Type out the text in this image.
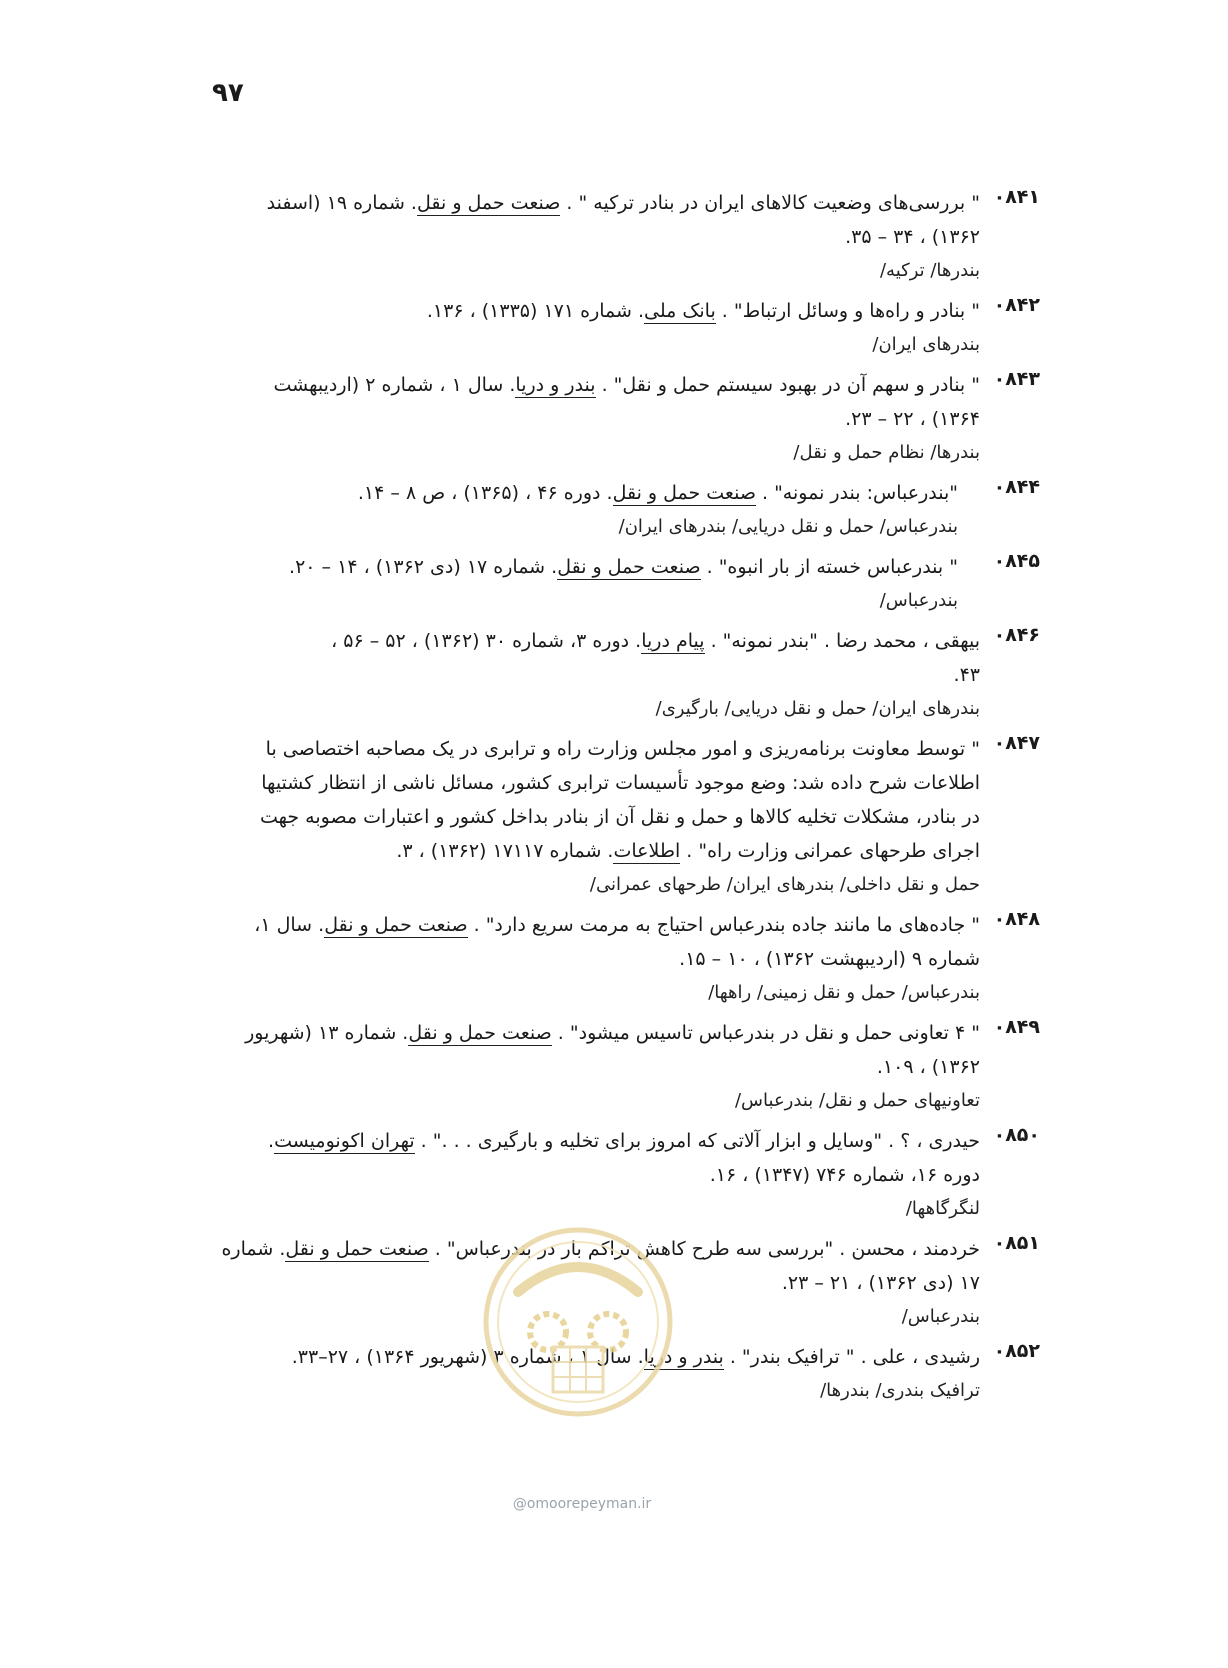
۹۷
۰۸۴۱
" بررسی‌های وضعیت کالاهای ایران در بنادر ترکیه " . صنعت حمل و نقل. شماره ۱۹ (اسفند
۱۳۶۲) ، ۳۴ – ۳۵.
بندرها/ ترکیه/
۰۸۴۲
" بنادر و راه‌ها و وسائل ارتباط" . بانک ملی. شماره ۱۷۱ (۱۳۳۵) ، ۱۳۶.
بندرهای ایران/
۰۸۴۳
" بنادر و سهم آن در بهبود سیستم حمل و نقل" . بندر و دریا. سال ۱ ، شماره ۲ (اردیبهشت
۱۳۶۴) ، ۲۲ – ۲۳.
بندرها/ نظام حمل و نقل/
۰۸۴۴
"بندرعباس: بندر نمونه" . صنعت حمل و نقل. دوره ۴۶ ، (۱۳۶۵) ، ص ۸ – ۱۴.
بندرعباس/ حمل و نقل دریایی/ بندرهای ایران/
۰۸۴۵
" بندرعباس خسته از بار انبوه" . صنعت حمل و نقل. شماره ۱۷ (دی ۱۳۶۲) ، ۱۴ – ۲۰.
بندرعباس/
۰۸۴۶
بیهقی ، محمد رضا . "بندر نمونه" . پیام دریا. دوره ۳، شماره ۳۰ (۱۳۶۲) ، ۵۲ – ۵۶ ،
۴۳.
بندرهای ایران/ حمل و نقل دریایی/ بارگیری/
۰۸۴۷
" توسط معاونت برنامه‌ریزی و امور مجلس وزارت راه و ترابری در یک مصاحبه اختصاصی با
اطلاعات شرح داده شد: وضع موجود تأسیسات ترابری کشور، مسائل ناشی از انتظار کشتیها
در بنادر، مشکلات تخلیه کالاها و حمل و نقل آن از بنادر بداخل کشور و اعتبارات مصوبه جهت
اجرای طرحهای عمرانی وزارت راه" . اطلاعات. شماره ۱۷۱۱۷ (۱۳۶۲) ، ۳.
حمل و نقل داخلی/ بندرهای ایران/ طرحهای عمرانی/
۰۸۴۸
" جاده‌های ما مانند جاده بندرعباس احتیاج به مرمت سریع دارد" . صنعت حمل و نقل. سال ۱،
شماره ۹ (اردیبهشت ۱۳۶۲) ، ۱۰ – ۱۵.
بندرعباس/ حمل و نقل زمینی/ راهها/
۰۸۴۹
" ۴ تعاونی حمل و نقل در بندرعباس تاسیس میشود" . صنعت حمل و نقل. شماره ۱۳ (شهریور
۱۳۶۲) ، ۱۰۹.
تعاونیهای حمل و نقل/ بندرعباس/
۰۸۵۰
حیدری ، ؟ . "وسایل و ابزار آلاتی که امروز برای تخلیه و بارگیری . . ." . تهران اکونومیست.
دوره ۱۶، شماره ۷۴۶ (۱۳۴۷) ، ۱۶.
لنگرگاهها/
۰۸۵۱
خردمند ، محسن . "بررسی سه طرح کاهش تراکم بار در بندرعباس" . صنعت حمل و نقل. شماره
۱۷ (دی ۱۳۶۲) ، ۲۱ – ۲۳.
بندرعباس/
۰۸۵۲
رشیدی ، علی . " ترافیک بندر" . بندر و دریا. سال ۱ ، شماره ۳ (شهریور ۱۳۶۴) ، ۲۷–۳۳.
ترافیک بندری/ بندرها/
@omoorepeyman.ir
